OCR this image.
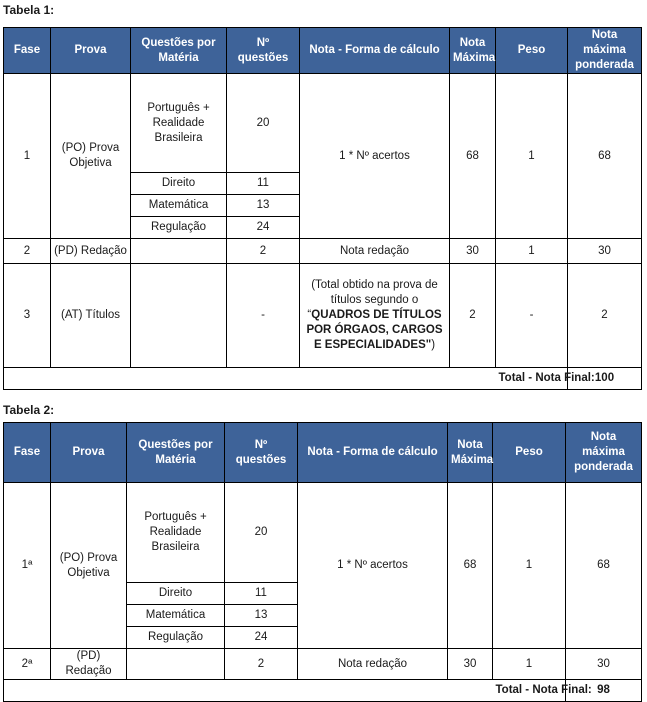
Tabela 1:
Fase	Prova	Questões por Matéria	Nº questões	Nota - Forma de cálculo	Nota Máxima	Peso	Nota máxima ponderada
1	(PO) Prova Objetiva	Português + Realidade Brasileira	20	1 * Nº acertos	68	1	68
		Direito	11				
		Matemática	13				
		Regulação	24				
2	(PD) Redação		2	Nota redação	30	1	30
3	(AT) Títulos		-	(Total obtido na prova de títulos segundo o “QUADROS DE TÍTULOS POR ÓRGAOS, CARGOS E ESPECIALIDADES")	2	-	2
						Total - Nota Final:	100
Tabela 2:
Fase	Prova	Questões por Matéria	Nº questões	Nota - Forma de cálculo	Nota Máxima	Peso	Nota máxima ponderada
1ª	(PO) Prova Objetiva	Português + Realidade Brasileira	20	1 * Nº acertos	68	1	68
		Direito	11				
		Matemática	13				
		Regulação	24				
2ª	(PD) Redação		2	Nota redação	30	1	30
						Total - Nota Final:	98
